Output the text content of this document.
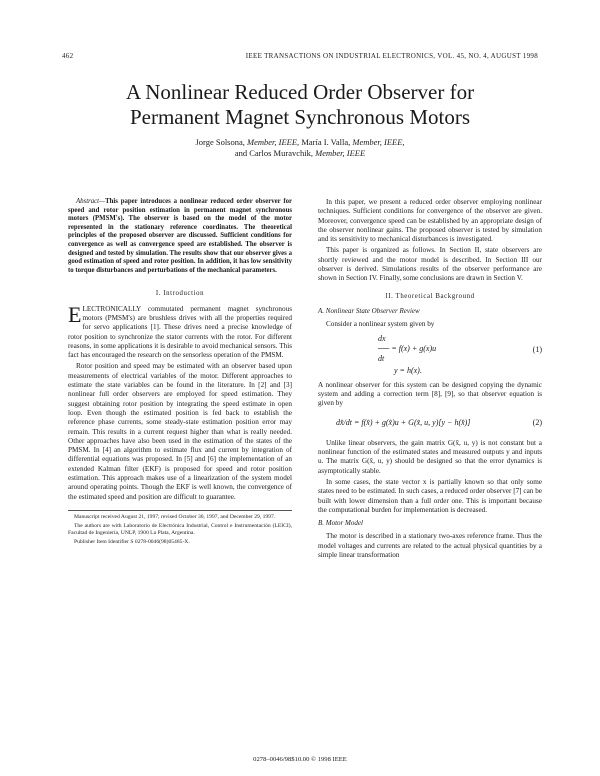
462	IEEE TRANSACTIONS ON INDUSTRIAL ELECTRONICS, VOL. 45, NO. 4, AUGUST 1998
A Nonlinear Reduced Order Observer for
Permanent Magnet Synchronous Motors
Jorge Solsona, Member, IEEE, María I. Valla, Member, IEEE,
and Carlos Muravchik, Member, IEEE
Abstract—This paper introduces a nonlinear reduced order observer for speed and rotor position estimation in permanent magnet synchronous motors (PMSM's). The observer is based on the model of the motor represented in the stationary reference coordinates. The theoretical principles of the proposed observer are discussed. Sufficient conditions for convergence as well as convergence speed are established. The observer is designed and tested by simulation. The results show that our observer gives a good estimation of speed and rotor position. In addition, it has low sensitivity to torque disturbances and perturbations of the mechanical parameters.
I. Introduction

ELECTRONICALLY commutated permanent magnet synchronous motors (PMSM's) are brushless drives with all the properties required for servo applications [1]. These drives need a precise knowledge of rotor position to synchronize the stator currents with the rotor. For different reasons, in some applications it is desirable to avoid mechanical sensors. This fact has encouraged the research on the sensorless operation of the PMSM.

Rotor position and speed may be estimated with an observer based upon measurements of electrical variables of the motor. Different approaches to estimate the state variables can be found in the literature. In [2] and [3] nonlinear full order observers are employed for speed estimation. They suggest obtaining rotor position by integrating the speed estimate in open loop. Even though the estimated position is fed back to establish the reference phase currents, some steady-state estimation position error may remain. This results in a current request higher than what is really needed. Other approaches have also been used in the estimation of the states of the PMSM. In [4] an algorithm to estimate flux and current by integration of differential equations was proposed. In [5] and [6] the implementation of an extended Kalman filter (EKF) is proposed for speed and rotor position estimation. This approach makes use of a linearization of the system model around operating points. Though the EKF is well known, the convergence of the estimated speed and position are difficult to guarantee.

Manuscript received August 21, 1997; revised October 30, 1997, and December 29, 1997.

The authors are with Laboratorio de Electrónica Industrial, Control e Instrumentación (LEICI), Facultad de Ingeniería, UNLP, 1900 La Plata, Argentina.

Publisher Item Identifier S 0278-0046(98)05485-X.

In this paper, we present a reduced order observer employing nonlinear techniques. Sufficient conditions for convergence of the observer are given. Moreover, convergence speed can be established by an appropriate design of the observer nonlinear gains. The proposed observer is tested by simulation and its sensitivity to mechanical disturbances is investigated.

This paper is organized as follows. In Section II, state observers are shortly reviewed and the motor model is described. In Section III our observer is derived. Simulations results of the observer performance are shown in Section IV. Finally, some conclusions are drawn in Section V.

II. Theoretical Background
A. Nonlinear State Observer Review

Consider a nonlinear system given by

dx
── = f(x) + g(x)u
dt
(1)
y = h(x).

A nonlinear observer for this system can be designed copying the dynamic system and adding a correction term [8], [9], so that observer equation is given by

dx̂/dt = f(x̂) + g(x̂)u + G(x̂, u, y)[y − h(x̂)]	(2)

Unlike linear observers, the gain matrix G(x̂, u, y) is not constant but a nonlinear function of the estimated states and measured outputs y and inputs u. The matrix G(x̂, u, y) should be designed so that the error dynamics is asymptotically stable.

In some cases, the state vector x is partially known so that only some states need to be estimated. In such cases, a reduced order observer [7] can be built with lower dimension than a full order one. This is important because the computational burden for implementation is decreased.

B. Motor Model

The motor is described in a stationary two-axes reference frame. Thus the model voltages and currents are related to the actual physical quantities by a simple linear transformation

0278–0046/98$10.00 © 1998 IEEE
